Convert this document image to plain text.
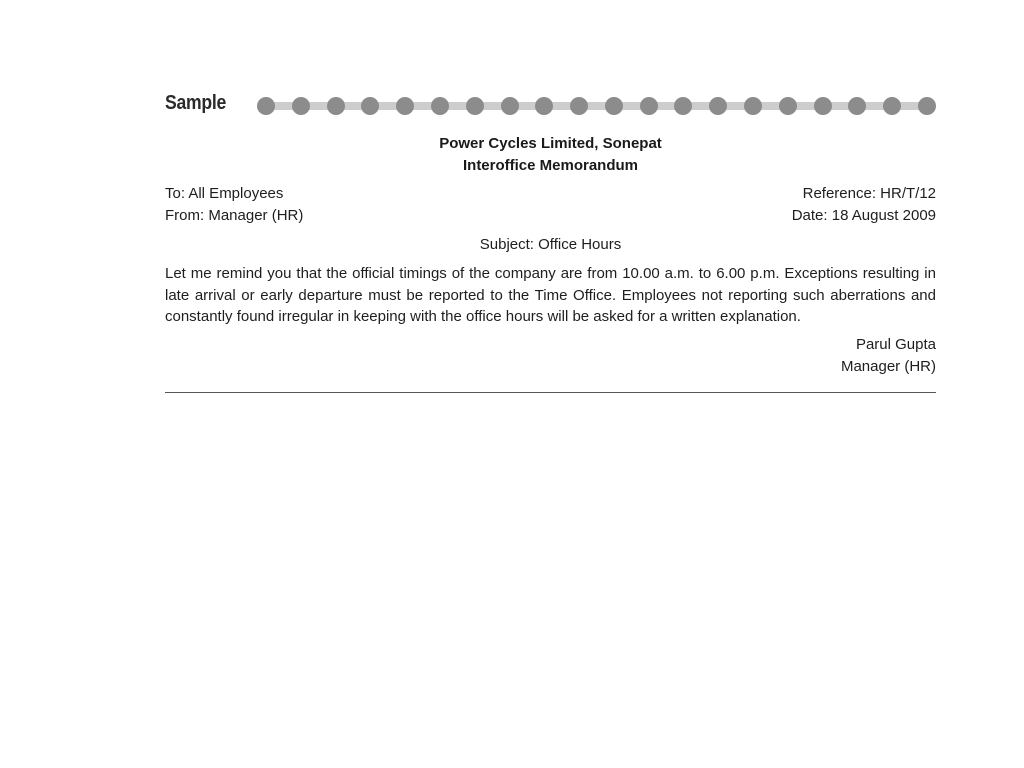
Sample
Power Cycles Limited, Sonepat
Interoffice Memorandum
To: All Employees
From: Manager (HR)
Reference: HR/T/12
Date: 18 August 2009
Subject: Office Hours
Let me remind you that the official timings of the company are from 10.00 a.m. to 6.00 p.m. Exceptions resulting in late arrival or early departure must be reported to the Time Office. Employees not reporting such aberrations and constantly found irregular in keeping with the office hours will be asked for a written explanation.
Parul Gupta
Manager (HR)
